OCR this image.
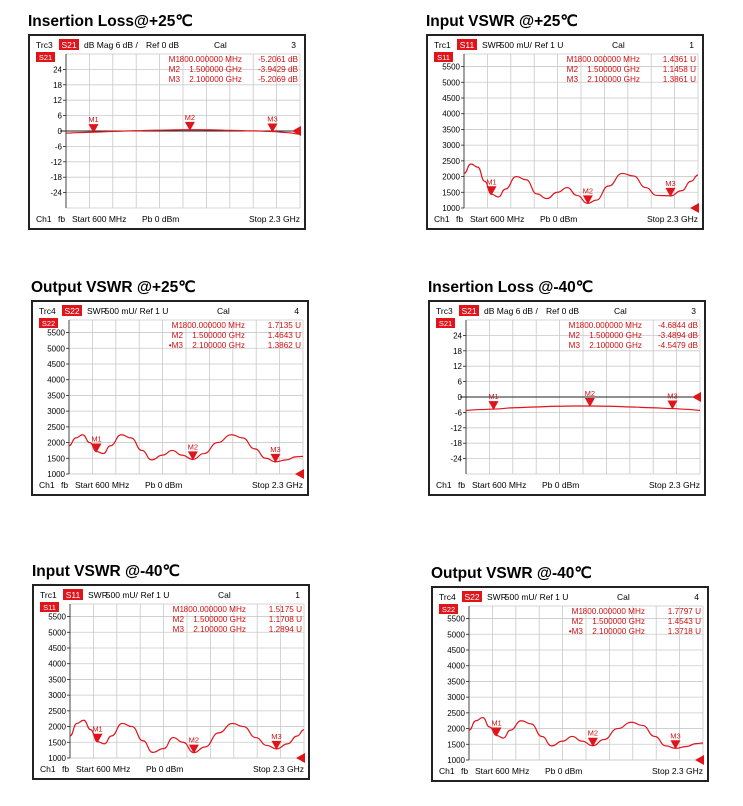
Insertion Loss@+25℃
Trc3 S21 dB Mag 6 dB / Ref 0 dB	Cal	3
24
18
12
6
0
-6
-12
-18
-24
S21
M1	M2	M3
M1 800.000000 MHz -5.2061 dB
M2 1.500000 GHz -3.9429 dB
M3 2.100000 GHz -5.2069 dB
Ch1 fb Start 600 MHz Pb 0 dBm	Stop 2.3 GHz
Input VSWR @+25℃
Trc1 S11 SWR
500 mU/ Ref 1 U	Cal	1
5500
5000
4500
4000
3500
3000
2500
2000
1500
1000
S11
M1
M2
M3
M1 800.000000 MHz	1.4361 U
M2 1.500000 GHz	1.1458 U
M3 2.100000 GHz	1.3861 U
Ch1 fb Start 600 MHz Pb 0 dBm	Stop 2.3 GHz
Output VSWR @+25℃
Trc4 S22 SWR
500 mU/ Ref 1 U	Cal	4
5500
5000
4500
4000
3500
3000
2500
2000
1500
1000
S22
M1
M2	M3
M1 800.000000 MHz	1.7135 U
M2 1.500000 GHz	1.4643 U
•M3 2.100000 GHz	1.3862 U
Ch1 fb Start 600 MHz Pb 0 dBm	Stop 2.3 GHz
Insertion Loss @-40℃
Trc3 S21 dB Mag 6 dB / Ref 0 dB	Cal	3
24
18
12
6
0
-6
-12
-18
-24
S21
M1	M2	M3
M1 800.000000 MHz -4.6844 dB
M2 1.500000 GHz -3.4894 dB
M3 2.100000 GHz -4.5479 dB
Ch1 fb Start 600 MHz Pb 0 dBm	Stop 2.3 GHz
Input VSWR @-40℃
Trc1 S11 SWR
500 mU/ Ref 1 U	Cal	1
5500
5000
4500
4000
3500
3000
2500
2000
1500
1000
S11
M1
M2	M3
M1 800.000000 MHz	1.5175 U
M2 1.500000 GHz	1.1708 U
M3 2.100000 GHz	1.2894 U
Ch1 fb Start 600 MHz Pb 0 dBm	Stop 2.3 GHz
Output VSWR @-40℃
Trc4 S22 SWR
500 mU/ Ref 1 U	Cal	4
5500
5000
4500
4000
3500
3000
2500
2000
1500
1000
S22
M1
M2	M3
M1 800.000000 MHz	1.7797 U
M2 1.500000 GHz	1.4543 U
•M3 2.100000 GHz	1.3718 U
Ch1 fb Start 600 MHz Pb 0 dBm	Stop 2.3 GHz
